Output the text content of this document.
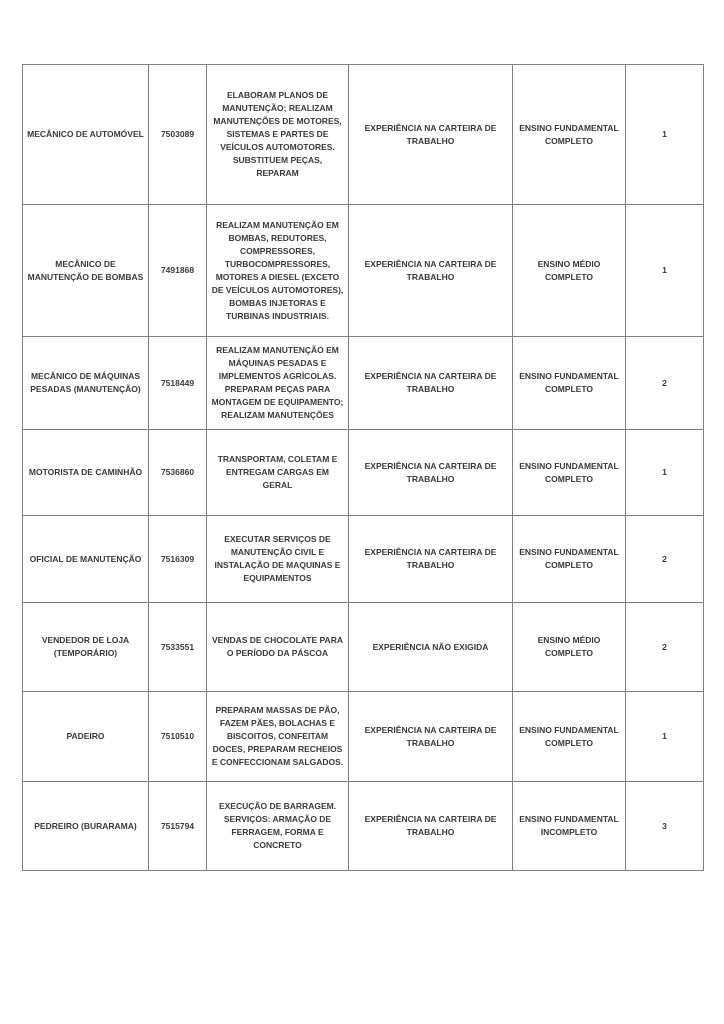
MECÂNICO DE AUTOMÓVEL	7503089	ELABORAM PLANOS DE MANUTENÇÃO; REALIZAM MANUTENÇÕES DE MOTORES, SISTEMAS E PARTES DE VEÍCULOS AUTOMOTORES. SUBSTITUEM PEÇAS, REPARAM	EXPERIÊNCIA NA CARTEIRA DE TRABALHO	ENSINO FUNDAMENTAL COMPLETO	1
MECÂNICO DE MANUTENÇÃO DE BOMBAS	7491868	REALIZAM MANUTENÇÃO EM BOMBAS, REDUTORES, COMPRESSORES, TURBOCOMPRESSORES, MOTORES A DIESEL (EXCETO DE VEÍCULOS AUTOMOTORES), BOMBAS INJETORAS E TURBINAS INDUSTRIAIS.	EXPERIÊNCIA NA CARTEIRA DE TRABALHO	ENSINO MÉDIO COMPLETO	1
MECÂNICO DE MÁQUINAS PESADAS (MANUTENÇÃO)	7518449	REALIZAM MANUTENÇÃO EM MÁQUINAS PESADAS E IMPLEMENTOS AGRÍCOLAS. PREPARAM PEÇAS PARA MONTAGEM DE EQUIPAMENTO; REALIZAM MANUTENÇÕES	EXPERIÊNCIA NA CARTEIRA DE TRABALHO	ENSINO FUNDAMENTAL COMPLETO	2
MOTORISTA DE CAMINHÃO	7536860	TRANSPORTAM, COLETAM E ENTREGAM CARGAS EM GERAL	EXPERIÊNCIA NA CARTEIRA DE TRABALHO	ENSINO FUNDAMENTAL COMPLETO	1
OFICIAL DE MANUTENÇÃO	7516309	EXECUTAR SERVIÇOS DE MANUTENÇÃO CIVIL E INSTALAÇÃO DE MAQUINAS E EQUIPAMENTOS	EXPERIÊNCIA NA CARTEIRA DE TRABALHO	ENSINO FUNDAMENTAL COMPLETO	2
VENDEDOR DE LOJA (TEMPORÁRIO)	7533551	VENDAS DE CHOCOLATE PARA O PERÍODO DA PÁSCOA	EXPERIÊNCIA NÃO EXIGIDA	ENSINO MÉDIO COMPLETO	2
PADEIRO	7510510	PREPARAM MASSAS DE PÃO, FAZEM PÃES, BOLACHAS E BISCOITOS, CONFEITAM DOCES, PREPARAM RECHEIOS E CONFECCIONAM SALGADOS.	EXPERIÊNCIA NA CARTEIRA DE TRABALHO	ENSINO FUNDAMENTAL COMPLETO	1
PEDREIRO (BURARAMA)	7515794	EXECUÇÃO DE BARRAGEM. SERVIÇOS: ARMAÇÃO DE FERRAGEM, FORMA E CONCRETO	EXPERIÊNCIA NA CARTEIRA DE TRABALHO	ENSINO FUNDAMENTAL INCOMPLETO	3
